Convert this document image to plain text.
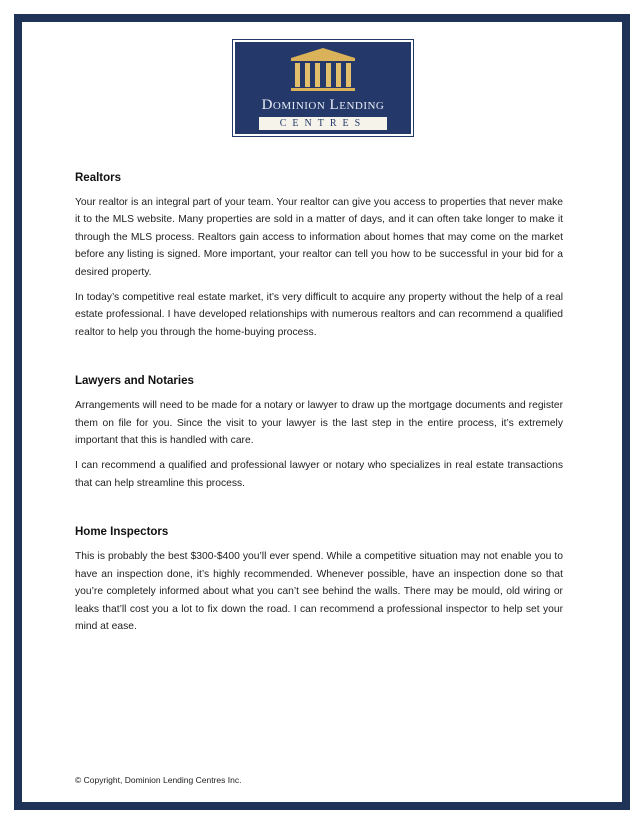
Dominion Lending
CENTRES
Realtors

Your realtor is an integral part of your team. Your realtor can give you access to properties that never make it to the MLS website. Many properties are sold in a matter of days, and it can often take longer to make it through the MLS process. Realtors gain access to information about homes that may come on the market before any listing is signed. More important, your realtor can tell you how to be successful in your bid for a desired property.

In today’s competitive real estate market, it’s very difficult to acquire any property without the help of a real estate professional. I have developed relationships with numerous realtors and can recommend a qualified realtor to help you through the home-buying process.

Lawyers and Notaries

Arrangements will need to be made for a notary or lawyer to draw up the mortgage documents and register them on file for you. Since the visit to your lawyer is the last step in the entire process, it’s extremely important that this is handled with care.

I can recommend a qualified and professional lawyer or notary who specializes in real estate transactions that can help streamline this process.

Home Inspectors

This is probably the best $300-$400 you’ll ever spend. While a competitive situation may not enable you to have an inspection done, it’s highly recommended. Whenever possible, have an inspection done so that you’re completely informed about what you can’t see behind the walls. There may be mould, old wiring or leaks that’ll cost you a lot to fix down the road. I can recommend a professional inspector to help set your mind at ease.

© Copyright, Dominion Lending Centres Inc.
